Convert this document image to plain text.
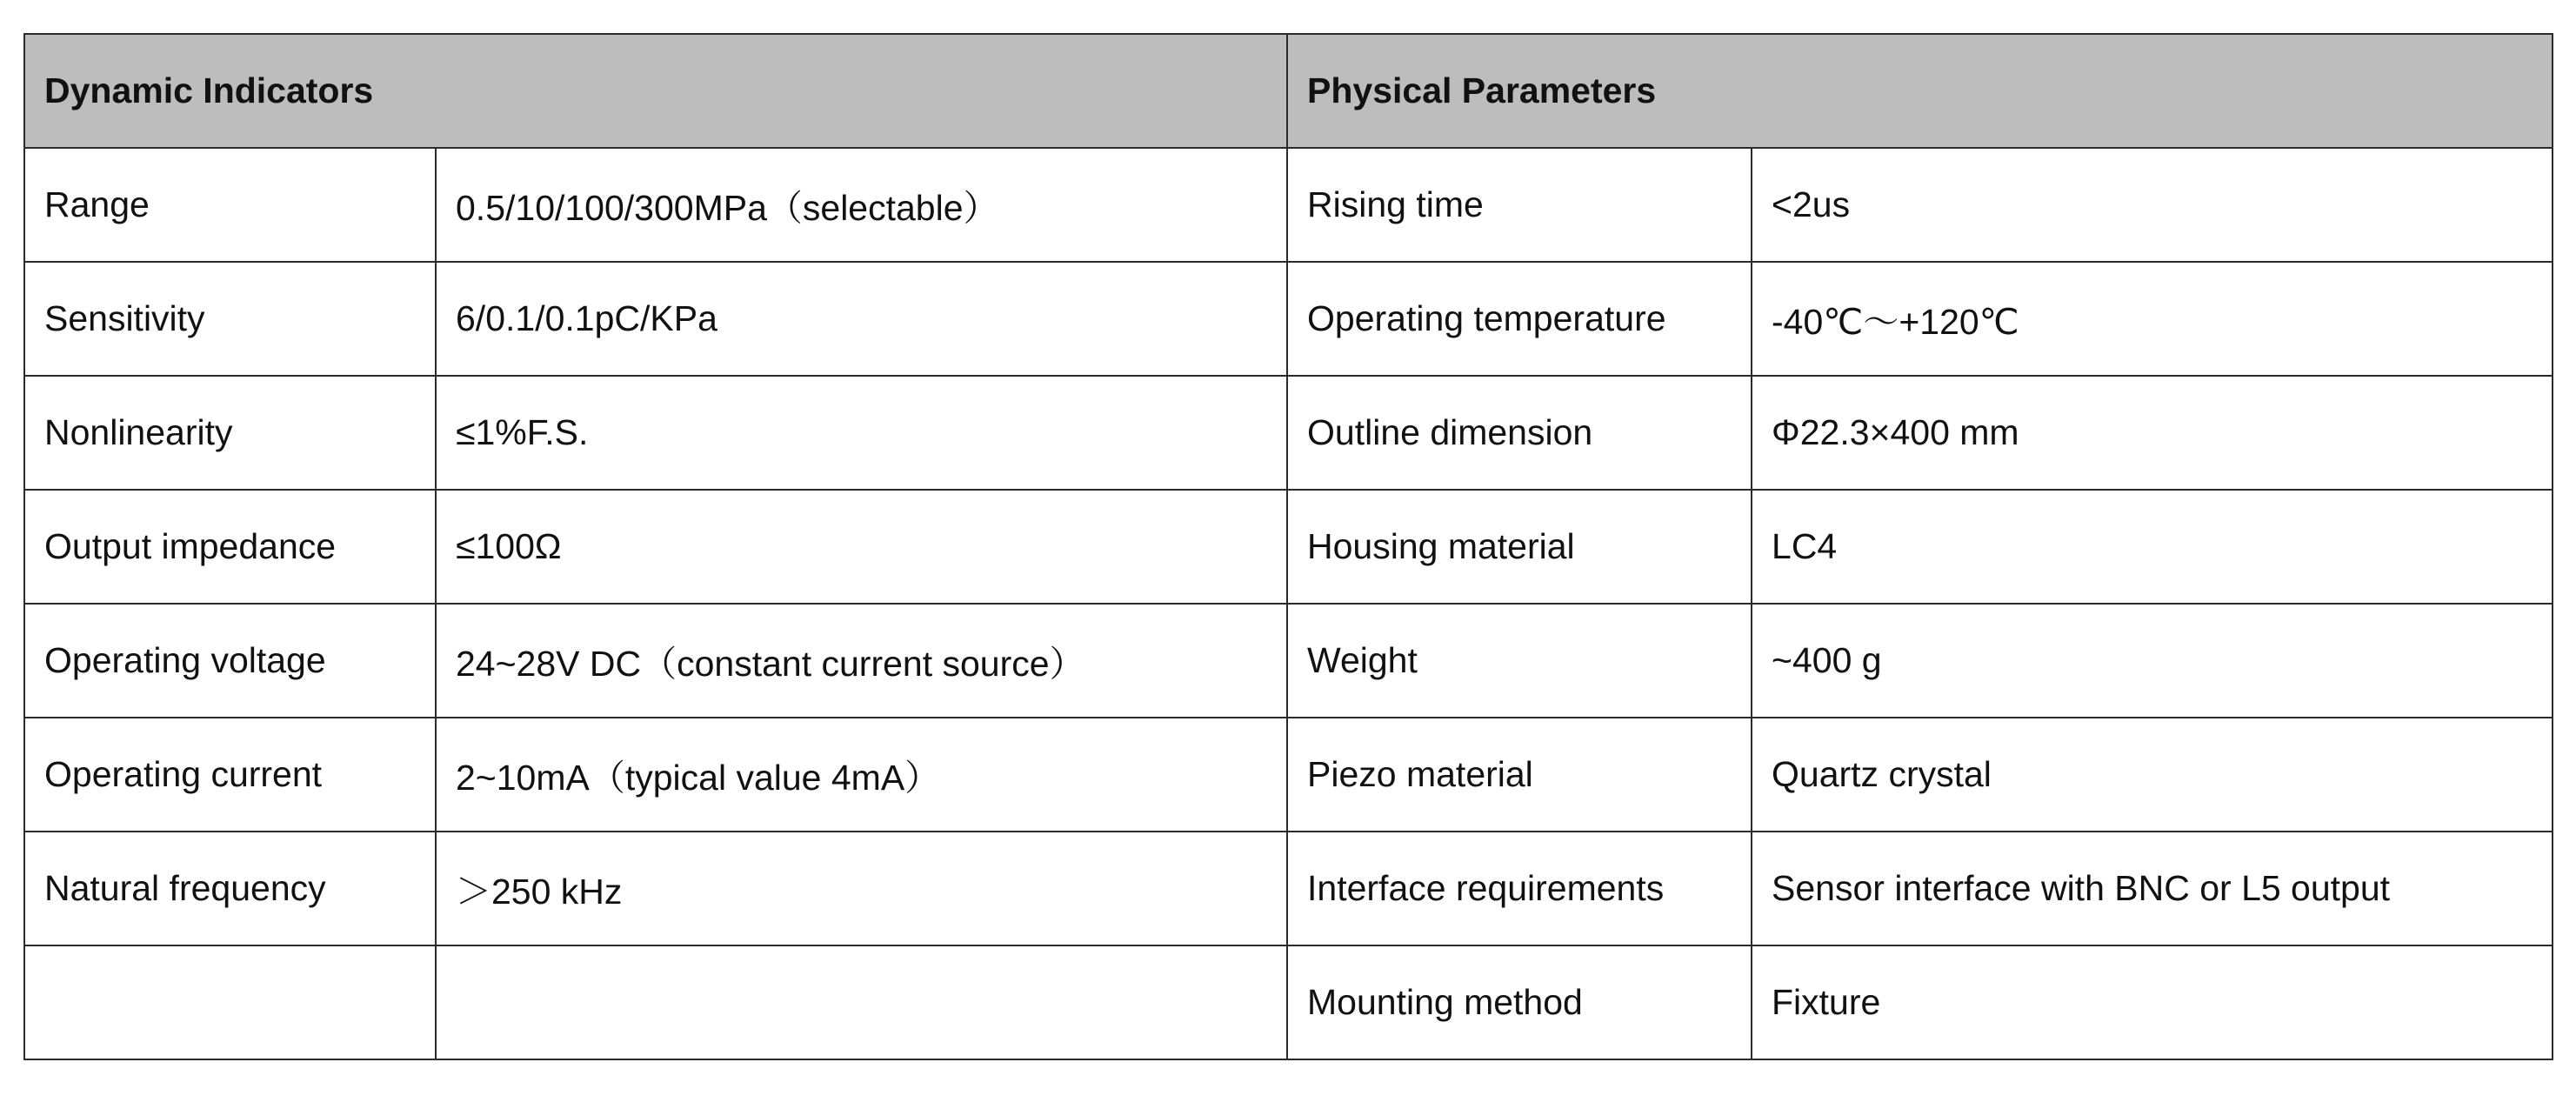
Dynamic Indicators		Physical Parameters	
Range	0.5/10/100/300MPa（selectable）	Rising time	<2us
Sensitivity	6/0.1/0.1pC/KPa	Operating temperature	-40℃～+120℃
Nonlinearity	≤1%F.S.	Outline dimension	Φ22.3×400 mm
Output impedance	≤100Ω	Housing material	LC4
Operating voltage	24~28V DC（constant current source）	Weight	~400 g
Operating current	2~10mA（typical value 4mA）	Piezo material	Quartz crystal
Natural frequency	＞250 kHz	Interface requirements	Sensor interface with BNC or L5 output
		Mounting method	Fixture
